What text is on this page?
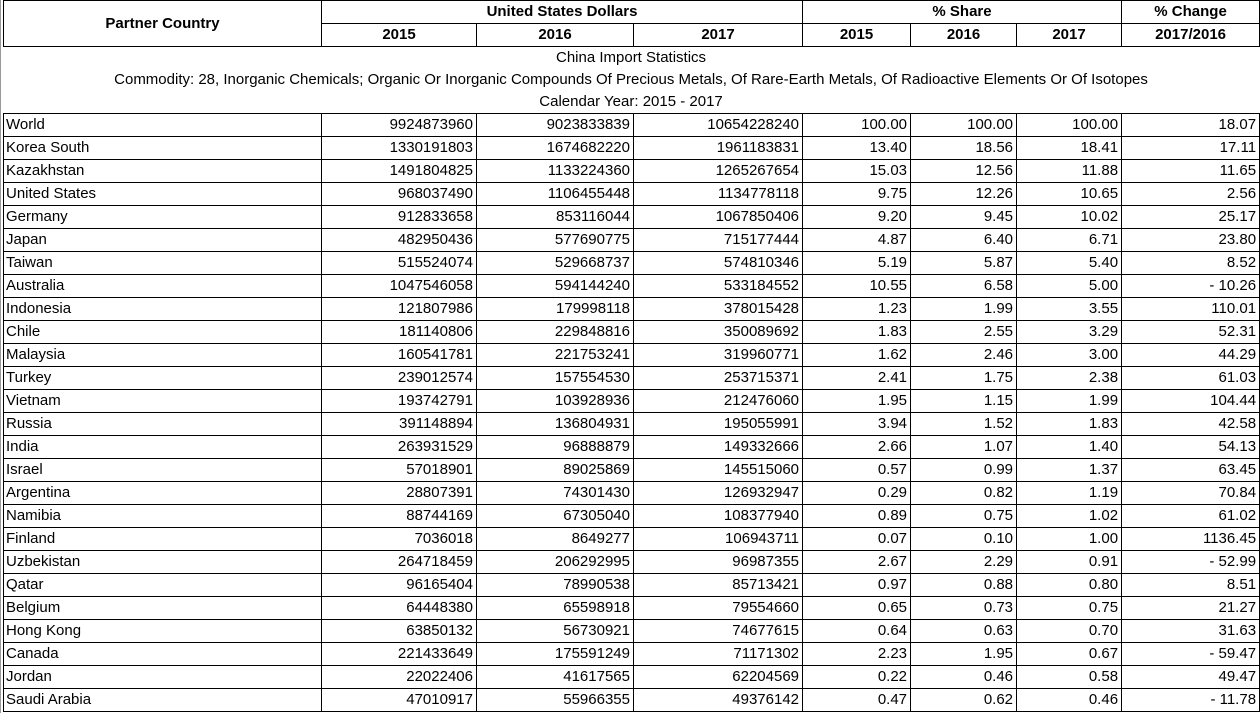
China Import Statistics							
Commodity: 28, Inorganic Chemicals; Organic Or Inorganic Compounds Of Precious Metals, Of Rare-Earth Metals, Of Radioactive Elements Or Of Isotopes							
Calendar Year: 2015 - 2017							
Partner Country	United States Dollars			% Share			% Change
	2015	2016	2017	2015	2016	2017	2017/2016
World	9924873960	9023833839	10654228240	100.00	100.00	100.00	18.07
Korea South	1330191803	1674682220	1961183831	13.40	18.56	18.41	17.11
Kazakhstan	1491804825	1133224360	1265267654	15.03	12.56	11.88	11.65
United States	968037490	1106455448	1134778118	9.75	12.26	10.65	2.56
Germany	912833658	853116044	1067850406	9.20	9.45	10.02	25.17
Japan	482950436	577690775	715177444	4.87	6.40	6.71	23.80
Taiwan	515524074	529668737	574810346	5.19	5.87	5.40	8.52
Australia	1047546058	594144240	533184552	10.55	6.58	5.00	- 10.26
Indonesia	121807986	179998118	378015428	1.23	1.99	3.55	110.01
Chile	181140806	229848816	350089692	1.83	2.55	3.29	52.31
Malaysia	160541781	221753241	319960771	1.62	2.46	3.00	44.29
Turkey	239012574	157554530	253715371	2.41	1.75	2.38	61.03
Vietnam	193742791	103928936	212476060	1.95	1.15	1.99	104.44
Russia	391148894	136804931	195055991	3.94	1.52	1.83	42.58
India	263931529	96888879	149332666	2.66	1.07	1.40	54.13
Israel	57018901	89025869	145515060	0.57	0.99	1.37	63.45
Argentina	28807391	74301430	126932947	0.29	0.82	1.19	70.84
Namibia	88744169	67305040	108377940	0.89	0.75	1.02	61.02
Finland	7036018	8649277	106943711	0.07	0.10	1.00	1136.45
Uzbekistan	264718459	206292995	96987355	2.67	2.29	0.91	- 52.99
Qatar	96165404	78990538	85713421	0.97	0.88	0.80	8.51
Belgium	64448380	65598918	79554660	0.65	0.73	0.75	21.27
Hong Kong	63850132	56730921	74677615	0.64	0.63	0.70	31.63
Canada	221433649	175591249	71171302	2.23	1.95	0.67	- 59.47
Jordan	22022406	41617565	62204569	0.22	0.46	0.58	49.47
Saudi Arabia	47010917	55966355	49376142	0.47	0.62	0.46	- 11.78
